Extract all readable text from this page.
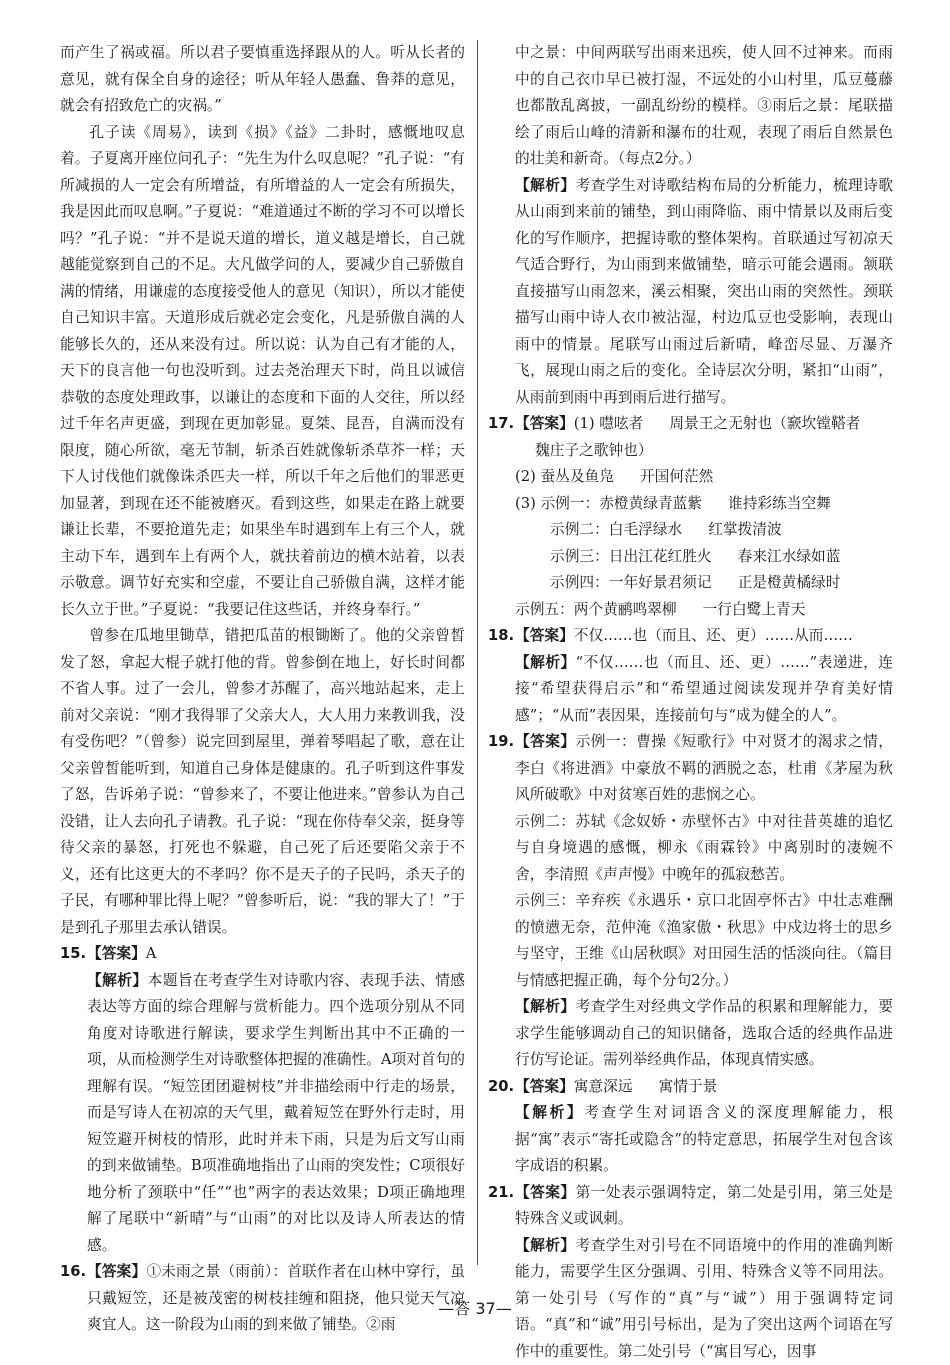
而产生了祸或福。所以君子要慎重选择跟从的人。听从长者的意见，就有保全自身的途径；听从年轻人愚蠢、鲁莽的意见，就会有招致危亡的灾祸。”

孔子读《周易》，读到《损》《益》二卦时，感慨地叹息着。子夏离开座位问孔子：“先生为什么叹息呢？”孔子说：“有所减损的人一定会有所增益，有所增益的人一定会有所损失，我是因此而叹息啊。”子夏说：“难道通过不断的学习不可以增长吗？”孔子说：“并不是说天道的增长，道义越是增长，自己就越能觉察到自己的不足。大凡做学问的人，要减少自己骄傲自满的情绪，用谦虚的态度接受他人的意见（知识），所以才能使自己知识丰富。天道形成后就必定会变化，凡是骄傲自满的人能够长久的，还从来没有过。所以说：认为自己有才能的人，天下的良言他一句也没听到。过去尧治理天下时，尚且以诚信恭敬的态度处理政事，以谦让的态度和下面的人交往，所以经过千年名声更盛，到现在更加彰显。夏桀、昆吾，自满而没有限度，随心所欲，毫无节制，斩杀百姓就像斩杀草芥一样；天下人讨伐他们就像诛杀匹夫一样，所以千年之后他们的罪恶更加显著，到现在还不能被磨灭。看到这些，如果走在路上就要谦让长辈，不要抢道先走；如果坐车时遇到车上有三个人，就主动下车，遇到车上有两个人，就扶着前边的横木站着，以表示敬意。调节好充实和空虚，不要让自己骄傲自满，这样才能长久立于世。”子夏说：“我要记住这些话，并终身奉行。”

曾参在瓜地里锄草，错把瓜苗的根锄断了。他的父亲曾皙发了怒，拿起大棍子就打他的背。曾参倒在地上，好长时间都不省人事。过了一会儿，曾参才苏醒了，高兴地站起来，走上前对父亲说：“刚才我得罪了父亲大人，大人用力来教训我，没有受伤吧？”（曾参）说完回到屋里，弹着琴唱起了歌，意在让父亲曾皙能听到，知道自己身体是健康的。孔子听到这件事发了怒，告诉弟子说：“曾参来了，不要让他进来。”曾参认为自己没错，让人去向孔子请教。孔子说：“现在你侍奉父亲，挺身等待父亲的暴怒，打死也不躲避，自己死了后还要陷父亲于不义，还有比这更大的不孝吗？你不是天子的子民吗，杀天子的子民，有哪种罪比得上呢？”曾参听后，说：“我的罪大了！”于是到孔子那里去承认错误。

15. 【答案】A

【解析】本题旨在考查学生对诗歌内容、表现手法、情感表达等方面的综合理解与赏析能力。四个选项分别从不同角度对诗歌进行解读，要求学生判断出其中不正确的一项，从而检测学生对诗歌整体把握的准确性。A项对首句的理解有误。“短笠团团避树枝”并非描绘雨中行走的场景，而是写诗人在初凉的天气里，戴着短笠在野外行走时，用短笠避开树枝的情形，此时并未下雨，只是为后文写山雨的到来做铺垫。B项准确地指出了山雨的突发性；C项很好地分析了颈联中“任”“也”两字的表达效果；D项正确地理解了尾联中“新晴”与“山雨”的对比以及诗人所表达的情感。

16. 【答案】①未雨之景（雨前）：首联作者在山林中穿行，虽只戴短笠，还是被茂密的树枝挂缠和阻挠，他只觉天气凉爽宜人。这一阶段为山雨的到来做了铺垫。②雨

中之景：中间两联写出雨来迅疾，使人回不过神来。而雨中的自己衣巾早已被打湿，不远处的小山村里，瓜豆蔓藤也都散乱离披，一副乱纷纷的模样。③雨后之景：尾联描绘了雨后山峰的清新和瀑布的壮观，表现了雨后自然景色的壮美和新奇。（每点2分。）

【解析】考查学生对诗歌结构布局的分析能力，梳理诗歌从山雨到来前的铺垫，到山雨降临、雨中情景以及雨后变化的写作顺序，把握诗歌的整体架构。首联通过写初凉天气适合野行，为山雨到来做铺垫，暗示可能会遇雨。颔联直接描写山雨忽来，溪云相聚，突出山雨的突然性。颈联描写山雨中诗人衣巾被沾湿，村边瓜豆也受影响，表现山雨中的情景。尾联写山雨过后新晴，峰峦尽显、万瀑齐飞，展现山雨之后的变化。全诗层次分明，紧扣“山雨”，从雨前到雨中再到雨后进行描写。

17. 【答案】(1) 嚖呟者 周景王之无射也（窾坎镗鞳者

魏庄子之歌钟也）

(2) 蚕丛及鱼凫 开国何茫然

(3) 示例一：赤橙黄绿青蓝紫 谁持彩练当空舞

示例二：白毛浮绿水 红掌拨清波

示例三：日出江花红胜火 春来江水绿如蓝

示例四：一年好景君须记 正是橙黄橘绿时

示例五：两个黄鹂鸣翠柳 一行白鹭上青天

18. 【答案】不仅……也（而且、还、更）……从而……

【解析】“不仅……也（而且、还、更）……”表递进，连接“希望获得启示”和“希望通过阅读发现并孕育美好情感”；“从而”表因果，连接前句与“成为健全的人”。

19. 【答案】示例一：曹操《短歌行》中对贤才的渴求之情，李白《将进酒》中豪放不羁的洒脱之态，杜甫《茅屋为秋风所破歌》中对贫寒百姓的悲悯之心。

示例二：苏轼《念奴娇・赤壁怀古》中对往昔英雄的追忆与自身境遇的感慨，柳永《雨霖铃》中离别时的凄婉不舍，李清照《声声慢》中晚年的孤寂愁苦。

示例三：辛弃疾《永遇乐・京口北固亭怀古》中壮志难酬的愤懑无奈，范仲淹《渔家傲・秋思》中戍边将士的思乡与坚守，王维《山居秋暝》对田园生活的恬淡向往。（篇目与情感把握正确，每个分句2分。）

【解析】考查学生对经典文学作品的积累和理解能力，要求学生能够调动自己的知识储备，选取合适的经典作品进行仿写论证。需列举经典作品，体现真情实感。

20. 【答案】寓意深远 寓情于景

【解析】考查学生对词语含义的深度理解能力，根据“寓”表示“寄托或隐含”的特定意思，拓展学生对包含该字成语的积累。

21. 【答案】第一处表示强调特定，第二处是引用，第三处是特殊含义或讽刺。

【解析】考查学生对引号在不同语境中的作用的准确判断能力，需要学生区分强调、引用、特殊含义等不同用法。第一处引号（写作的“真”与“诚”）用于强调特定词语。“真”和“诚”用引号标出，是为了突出这两个词语在写作中的重要性。第二处引号（“寓目写心，因事

—答 37—
